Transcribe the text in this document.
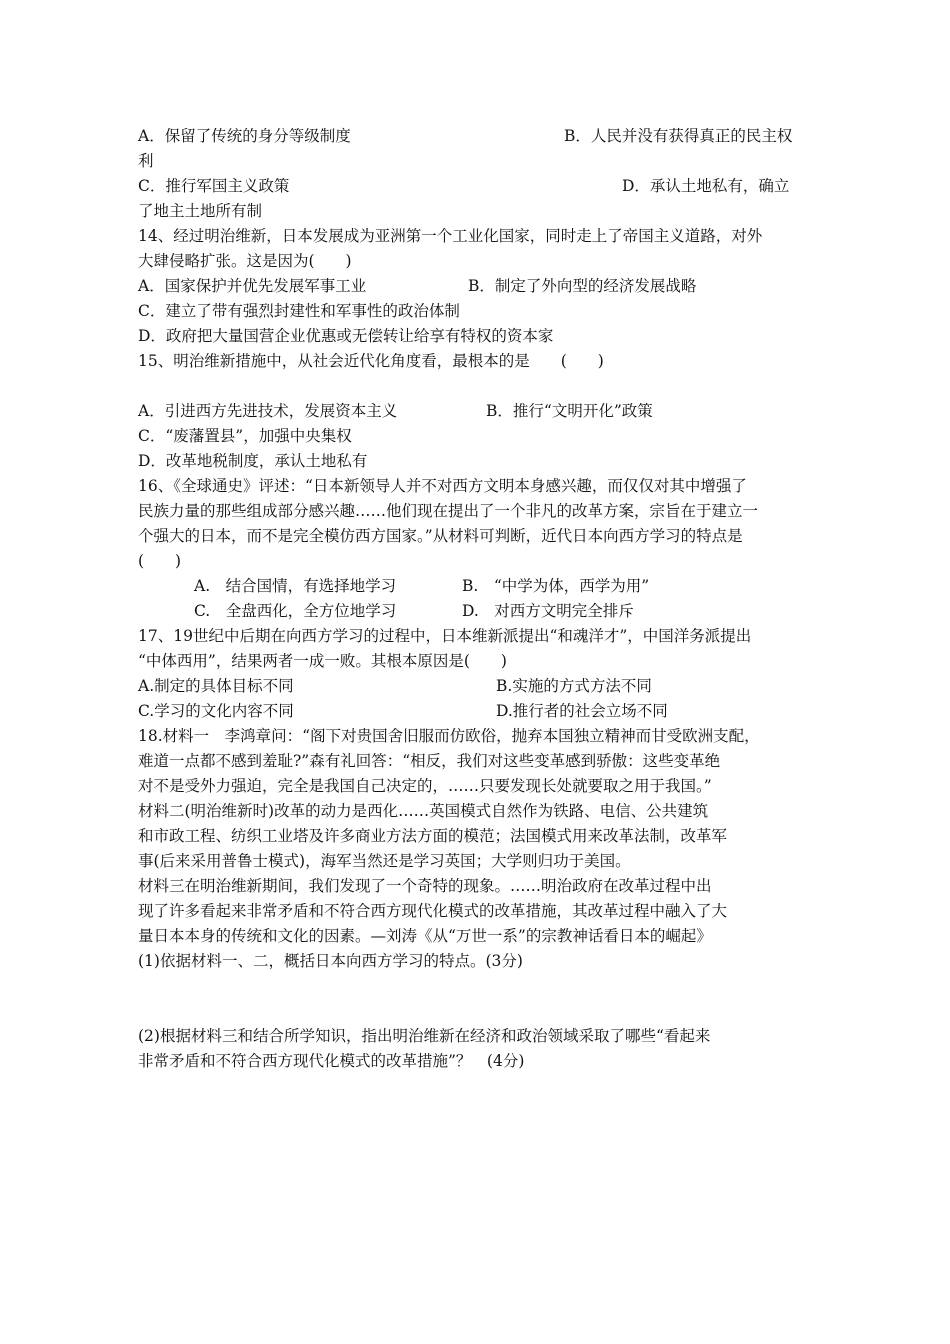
A．保留了传统的身分等级制度	B．人民并没有获得真正的民主权
利
C．推行军国主义政策	D．承认土地私有，确立
了地主土地所有制
14、经过明治维新，日本发展成为亚洲第一个工业化国家，同时走上了帝国主义道路，对外
大肆侵略扩张。这是因为(　　)
A．国家保护并优先发展军事工业	B．制定了外向型的经济发展战略
C．建立了带有强烈封建性和军事性的政治体制
D．政府把大量国营企业优惠或无偿转让给享有特权的资本家
15、明治维新措施中，从社会近代化角度看，最根本的是　　(　　)
A．引进西方先进技术，发展资本主义	B．推行“文明开化”政策
C．“废藩置县”，加强中央集权
D．改革地税制度，承认土地私有
16、《全球通史》评述：“日本新领导人并不对西方文明本身感兴趣，而仅仅对其中增强了
民族力量的那些组成部分感兴趣……他们现在提出了一个非凡的改革方案，宗旨在于建立一
个强大的日本，而不是完全模仿西方国家。”从材料可判断，近代日本向西方学习的特点是
(　　)
A.　结合国情，有选择地学习	B.　“中学为体，西学为用”
C.　全盘西化，全方位地学习	D.　对西方文明完全排斥
17、19世纪中后期在向西方学习的过程中，日本维新派提出“和魂洋才”，中国洋务派提出
“中体西用”，结果两者一成一败。其根本原因是(　　)
A.制定的具体目标不同	B.实施的方式方法不同
C.学习的文化内容不同	D.推行者的社会立场不同
18.材料一　李鸿章问：“阁下对贵国舍旧服而仿欧俗，抛弃本国独立精神而甘受欧洲支配，
难道一点都不感到羞耻?”森有礼回答：“相反，我们对这些变革感到骄傲：这些变革绝
对不是受外力强迫，完全是我国自己决定的，……只要发现长处就要取之用于我国。”
材料二(明治维新时)改革的动力是西化……英国模式自然作为铁路、电信、公共建筑
和市政工程、纺织工业塔及许多商业方法方面的模范；法国模式用来改革法制，改革军
事(后来采用普鲁士模式)，海军当然还是学习英国；大学则归功于美国。
材料三在明治维新期间，我们发现了一个奇特的现象。……明治政府在改革过程中出
现了许多看起来非常矛盾和不符合西方现代化模式的改革措施，其改革过程中融入了大
量日本本身的传统和文化的因素。—刘涛《从“万世一系”的宗教神话看日本的崛起》
(1)依据材料一、二，概括日本向西方学习的特点。(3分)
(2)根据材料三和结合所学知识，指出明治维新在经济和政治领域采取了哪些“看起来
非常矛盾和不符合西方现代化模式的改革措施”？　(4分)
